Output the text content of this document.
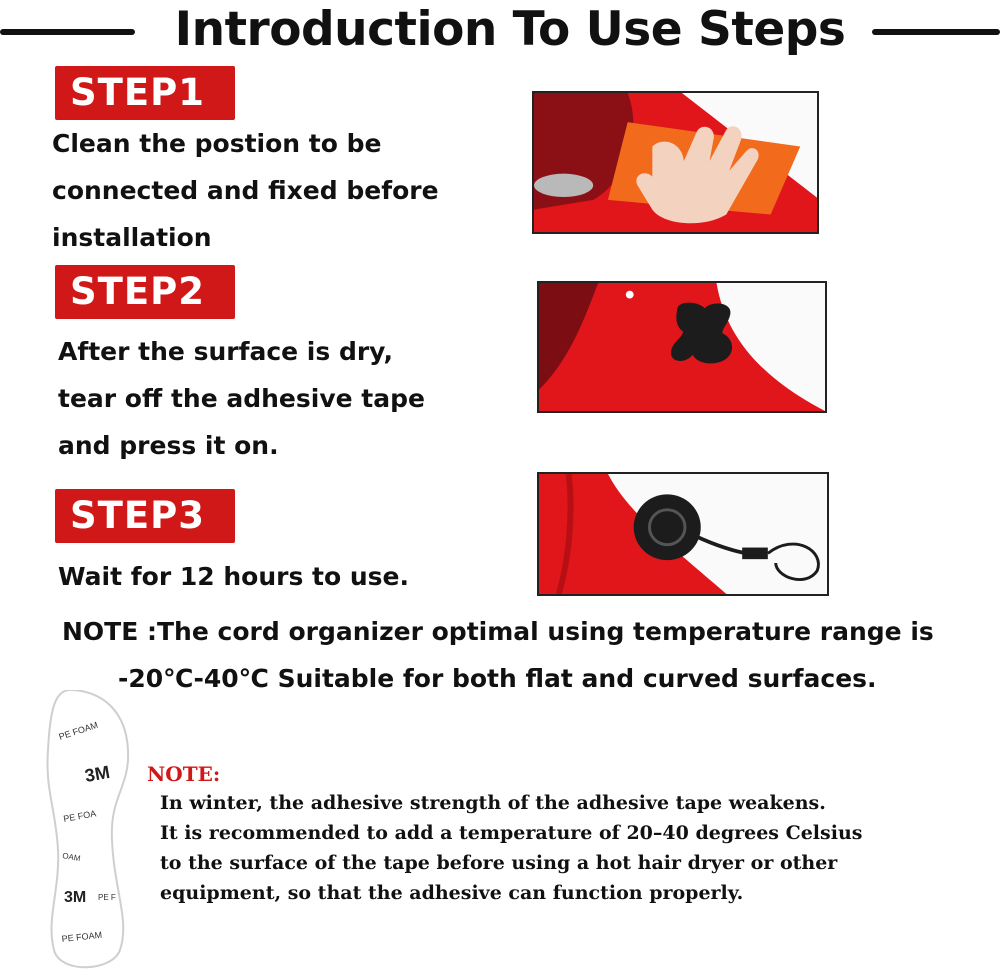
Introduction To Use Steps
STEP1
Clean the postion to be
connected and fixed before
installation
STEP2
After the surface is dry,
tear off the adhesive tape
and press it on.
STEP3
Wait for 12 hours to use.
NOTE :The cord organizer optimal using temperature range is
-20℃-40℃ Suitable for both flat and curved surfaces.
PE FOAM
3M
PE FOA
OAM
3M PE F
PE FOAM
NOTE:
In winter, the adhesive strength of the adhesive tape weakens.
It is recommended to add a temperature of 20–40 degrees Celsius
to the surface of the tape before using a hot hair dryer or other
equipment, so that the adhesive can function properly.
